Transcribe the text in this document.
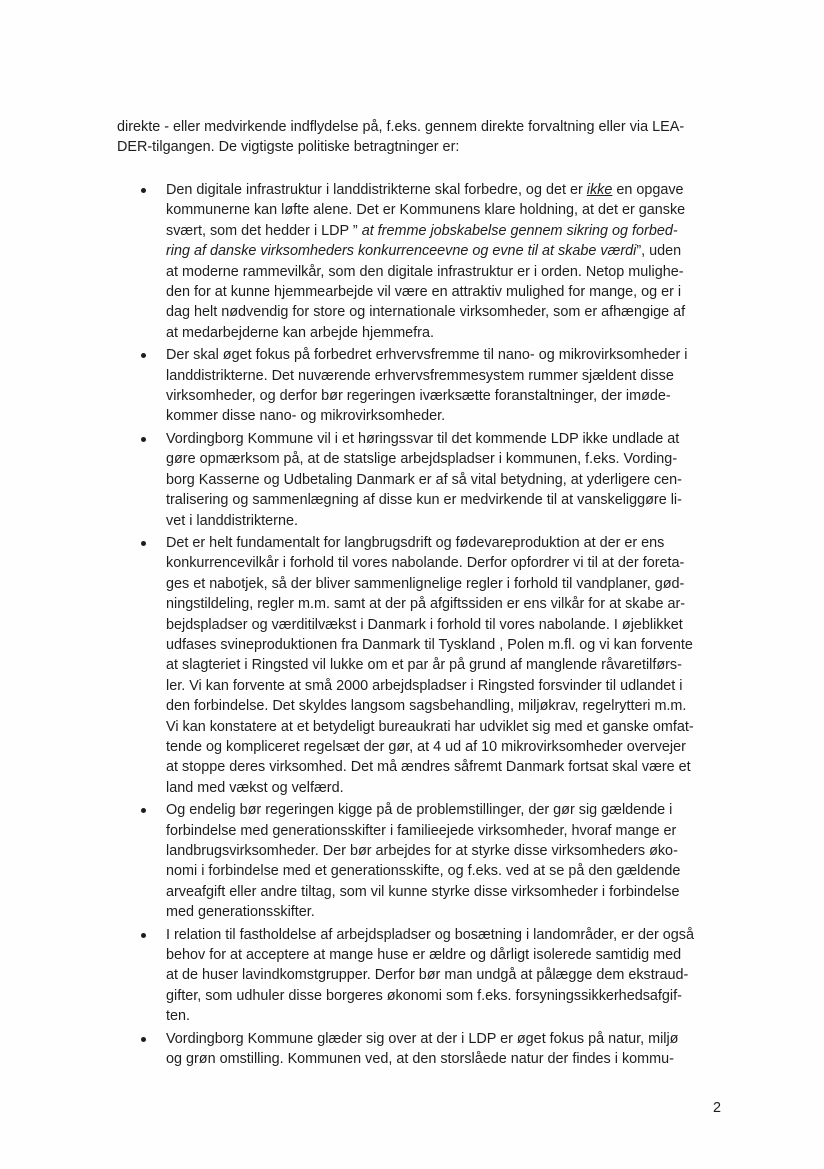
direkte - eller medvirkende indflydelse på, f.eks. gennem direkte forvaltning eller via LEA-
DER-tilgangen. De vigtigste politiske betragtninger er:

Den digitale infrastruktur i landdistrikterne skal forbedre, og det er ikke en opgave
kommunerne kan løfte alene. Det er Kommunens klare holdning, at det er ganske
svært, som det hedder i LDP ” at fremme jobskabelse gennem sikring og forbed-
ring af danske virksomheders konkurrenceevne og evne til at skabe værdi”, uden
at moderne rammevilkår, som den digitale infrastruktur er i orden. Netop mulighe-
den for at kunne hjemmearbejde vil være en attraktiv mulighed for mange, og er i
dag helt nødvendig for store og internationale virksomheder, som er afhængige af
at medarbejderne kan arbejde hjemmefra.
Der skal øget fokus på forbedret erhvervsfremme til nano- og mikrovirksomheder i
landdistrikterne. Det nuværende erhvervsfremmesystem rummer sjældent disse
virksomheder, og derfor bør regeringen iværksætte foranstaltninger, der imøde-
kommer disse nano- og mikrovirksomheder.
Vordingborg Kommune vil i et høringssvar til det kommende LDP ikke undlade at
gøre opmærksom på, at de statslige arbejdspladser i kommunen, f.eks. Vording-
borg Kasserne og Udbetaling Danmark er af så vital betydning, at yderligere cen-
tralisering og sammenlægning af disse kun er medvirkende til at vanskeliggøre li-
vet i landdistrikterne.
Det er helt fundamentalt for langbrugsdrift og fødevareproduktion at der er ens
konkurrencevilkår i forhold til vores nabolande. Derfor opfordrer vi til at der foreta-
ges et nabotjek, så der bliver sammenlignelige regler i forhold til vandplaner, gød-
ningstildeling, regler m.m. samt at der på afgiftssiden er ens vilkår for at skabe ar-
bejdspladser og værditilvækst i Danmark i forhold til vores nabolande. I øjeblikket
udfases svineproduktionen fra Danmark til Tyskland , Polen m.fl. og vi kan forvente
at slagteriet i Ringsted vil lukke om et par år på grund af manglende råvaretilførs-
ler. Vi kan forvente at små 2000 arbejdspladser i Ringsted forsvinder til udlandet i
den forbindelse. Det skyldes langsom sagsbehandling, miljøkrav, regelrytteri m.m.
Vi kan konstatere at et betydeligt bureaukrati har udviklet sig med et ganske omfat-
tende og kompliceret regelsæt der gør, at 4 ud af 10 mikrovirksomheder overvejer
at stoppe deres virksomhed. Det må ændres såfremt Danmark fortsat skal være et
land med vækst og velfærd.
Og endelig bør regeringen kigge på de problemstillinger, der gør sig gældende i
forbindelse med generationsskifter i familieejede virksomheder, hvoraf mange er
landbrugsvirksomheder. Der bør arbejdes for at styrke disse virksomheders øko-
nomi i forbindelse med et generationsskifte, og f.eks. ved at se på den gældende
arveafgift eller andre tiltag, som vil kunne styrke disse virksomheder i forbindelse
med generationsskifter.
I relation til fastholdelse af arbejdspladser og bosætning i landområder, er der også
behov for at acceptere at mange huse er ældre og dårligt isolerede samtidig med
at de huser lavindkomstgrupper. Derfor bør man undgå at pålægge dem ekstraud-
gifter, som udhuler disse borgeres økonomi som f.eks. forsyningssikkerhedsafgif-
ten.
Vordingborg Kommune glæder sig over at der i LDP er øget fokus på natur, miljø
og grøn omstilling. Kommunen ved, at den storslåede natur der findes i kommu-
2
